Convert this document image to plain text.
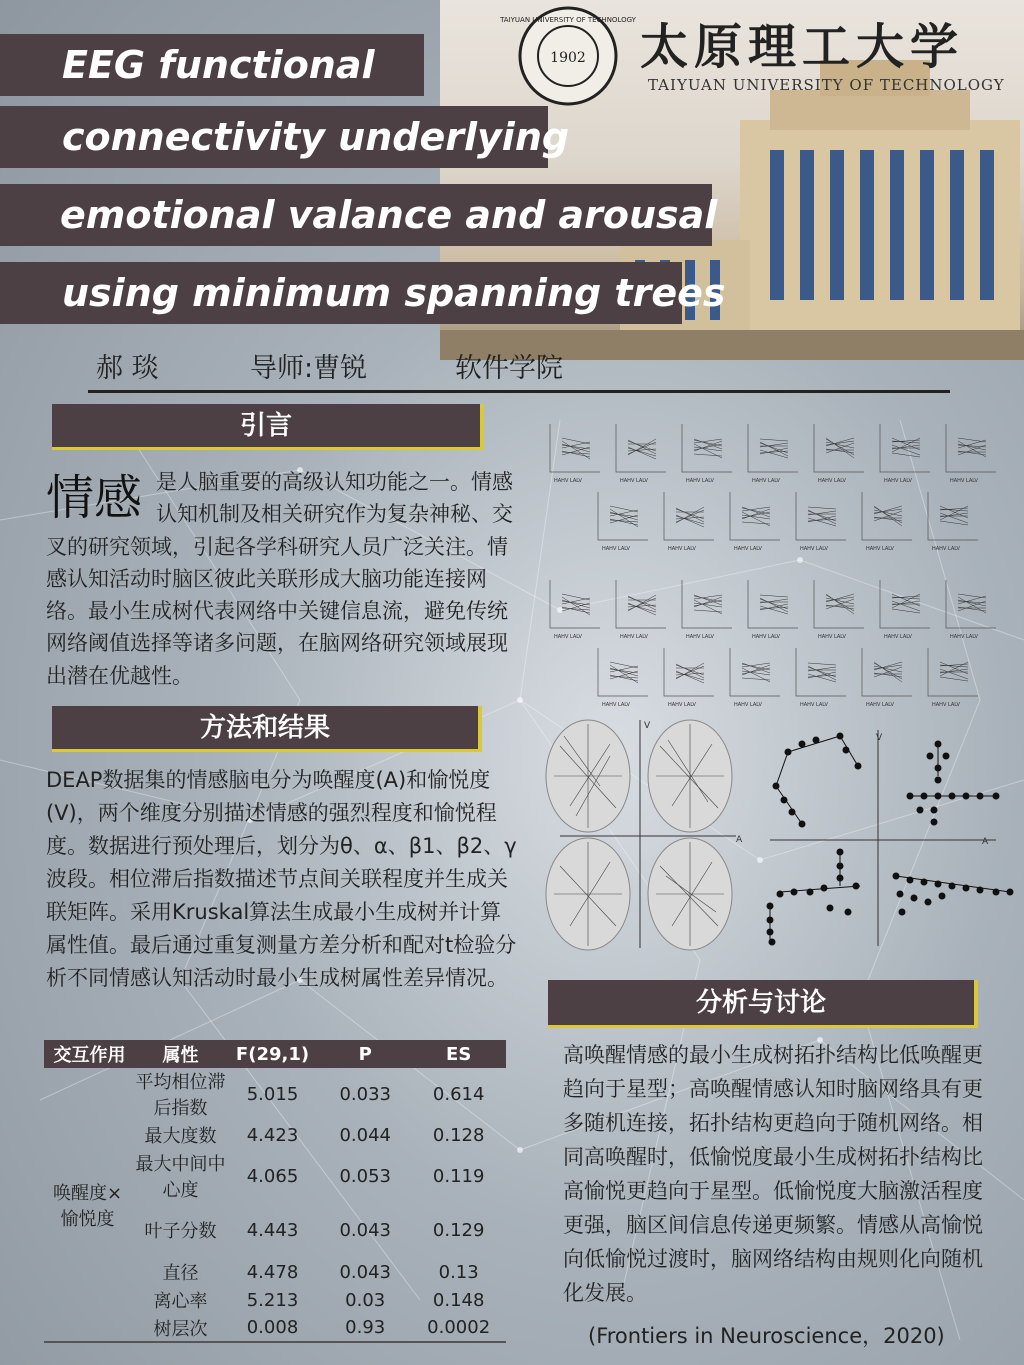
1902
TAIYUAN UNIVERSITY OF TECHNOLOGY 太原理工大学
TAIYUAN UNIVERSITY OF TECHNOLOGY
EEG functional
connectivity underlying
emotional valance and arousal
using minimum spanning trees
郝 琰	导师:曹锐	软件学院
引言
情感 是人脑重要的高级认知功能之一。情感认知机制及相关研究作为复杂神秘、交叉的研究领域，引起各学科研究人员广泛关注。情感认知活动时脑区彼此关联形成大脑功能连接网络。最小生成树代表网络中关键信息流，避免传统网络阈值选择等诸多问题，在脑网络研究领域展现出潜在优越性。
方法和结果
DEAP数据集的情感脑电分为唤醒度(A)和愉悦度(V)，两个维度分别描述情感的强烈程度和愉悦程度。数据进行预处理后，划分为θ、α、β1、β2、γ波段。相位滞后指数描述节点间关联程度并生成关联矩阵。采用Kruskal算法生成最小生成树并计算属性值。最后通过重复测量方差分析和配对t检验分析不同情感认知活动时最小生成树属性差异情况。
交互作用	属性	F(29,1)	P	ES
唤醒度×愉悦度	平均相位滞后指数	5.015	0.033	0.614
	最大度数	4.423	0.044	0.128
	最大中间中心度	4.065	0.053	0.119
	叶子分数	4.443	0.043	0.129
	直径	4.478	0.043	0.13
	离心率	5.213	0.03	0.148
	树层次	0.008	0.93	0.0002
HAHV LALV	HAHV LALV	HAHV LALV	HAHV LALV	HAHV LALV	HAHV LALV	HAHV LALV
HAHV LALV	HAHV LALV	HAHV LALV	HAHV LALV	HAHV LALV	HAHV LALV
HAHV LALV	HAHV LALV	HAHV LALV	HAHV LALV	HAHV LALV	HAHV LALV	HAHV LALV
HAHV LALV	HAHV LALV	HAHV LALV	HAHV LALV	HAHV LALV	HAHV LALV
A
V
A
V
分析与讨论
高唤醒情感的最小生成树拓扑结构比低唤醒更趋向于星型；高唤醒情感认知时脑网络具有更多随机连接，拓扑结构更趋向于随机网络。相同高唤醒时，低愉悦度最小生成树拓扑结构比高愉悦更趋向于星型。低愉悦度大脑激活程度更强，脑区间信息传递更频繁。情感从高愉悦向低愉悦过渡时，脑网络结构由规则化向随机化发展。
(Frontiers in Neuroscience，2020)
